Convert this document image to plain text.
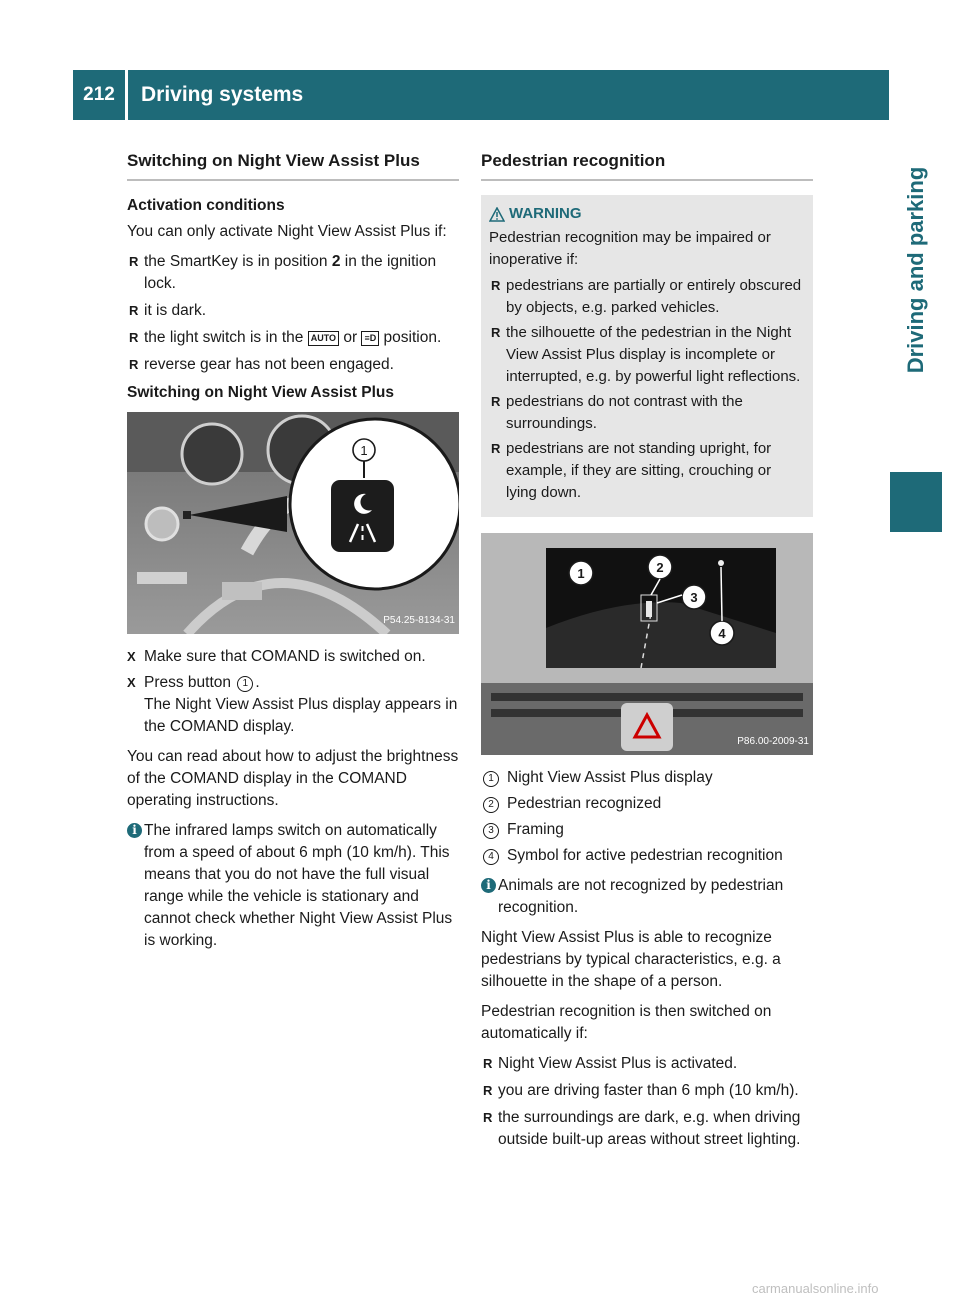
212	Driving systems
Driving and parking
Switching on Night View Assist Plus
Activation conditions

You can only activate Night View Assist Plus if:

R the SmartKey is in position 2 in the ignition lock.
R it is dark.
R the light switch is in the AUTO or ≡D position.
R reverse gear has not been engaged.
Switching on Night View Assist Plus
1
P54.25-8134-31
X Make sure that COMAND is switched on.
X Press button 1 .
The Night View Assist Plus display appears in the COMAND display.

You can read about how to adjust the brightness of the COMAND display in the COMAND operating instructions.

i The infrared lamps switch on automatically from a speed of about 6 mph (10 km/h). This means that you do not have the full visual range while the vehicle is stationary and cannot check whether Night View Assist Plus is working.
Pedestrian recognition
WARNING
Pedestrian recognition may be impaired or inoperative if:
R pedestrians are partially or entirely obscured by objects, e.g. parked vehicles.
R the silhouette of the pedestrian in the Night View Assist Plus display is incomplete or interrupted, e.g. by powerful light reflections.
R pedestrians do not contrast with the surroundings.
R pedestrians are not standing upright, for example, if they are sitting, crouching or lying down.
1	2
3
4
P86.00-2009-31
1 Night View Assist Plus display
2 Pedestrian recognized
3 Framing
4 Symbol for active pedestrian recognition
i Animals are not recognized by pedestrian recognition.

Night View Assist Plus is able to recognize pedestrians by typical characteristics, e.g. a silhouette in the shape of a person.

Pedestrian recognition is then switched on automatically if:

R Night View Assist Plus is activated.
R you are driving faster than 6 mph (10 km/h).
R the surroundings are dark, e.g. when driving outside built-up areas without street lighting.
carmanualsonline.info
